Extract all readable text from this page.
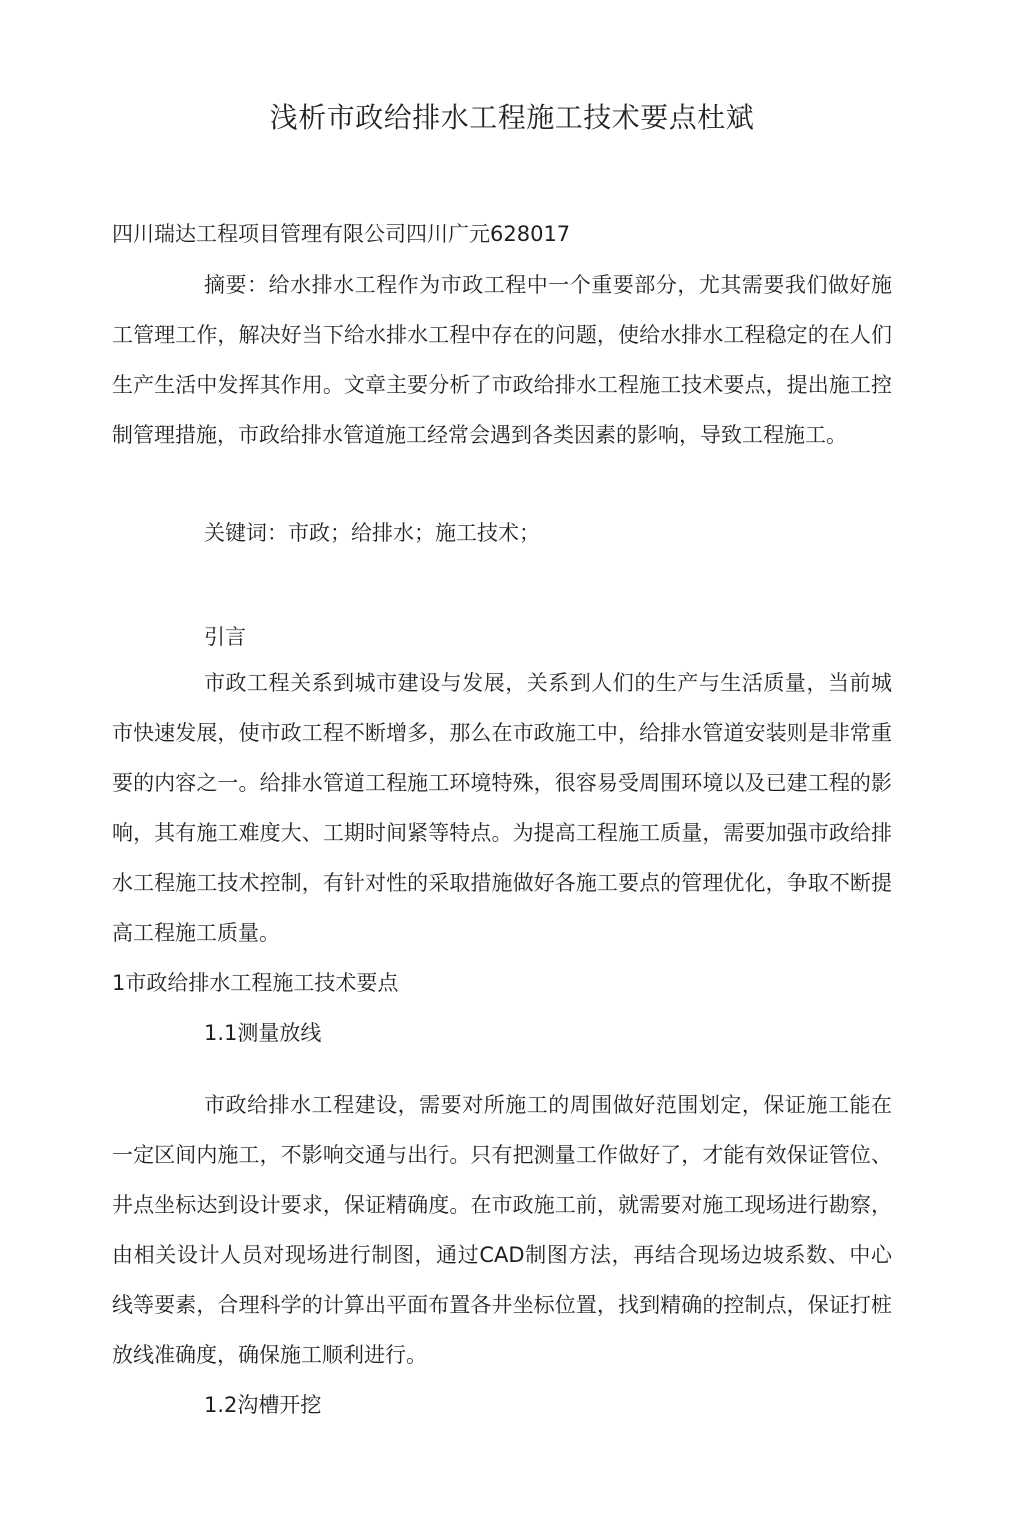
浅析市政给排水工程施工技术要点杜斌
四川瑞达工程项目管理有限公司四川广元628017
摘要：给水排水工程作为市政工程中一个重要部分，尤其需要我们做好施工管理工作，解决好当下给水排水工程中存在的问题，使给水排水工程稳定的在人们生产生活中发挥其作用。文章主要分析了市政给排水工程施工技术要点，提出施工控制管理措施，市政给排水管道施工经常会遇到各类因素的影响，导致工程施工。
关键词：市政；给排水；施工技术；
引言
市政工程关系到城市建设与发展，关系到人们的生产与生活质量，当前城市快速发展，使市政工程不断增多，那么在市政施工中，给排水管道安装则是非常重要的内容之一。给排水管道工程施工环境特殊，很容易受周围环境以及已建工程的影响，其有施工难度大、工期时间紧等特点。为提高工程施工质量，需要加强市政给排水工程施工技术控制，有针对性的采取措施做好各施工要点的管理优化，争取不断提高工程施工质量。
1市政给排水工程施工技术要点
1.1测量放线
市政给排水工程建设，需要对所施工的周围做好范围划定，保证施工能在一定区间内施工，不影响交通与出行。只有把测量工作做好了，才能有效保证管位、井点坐标达到设计要求，保证精确度。在市政施工前，就需要对施工现场进行勘察，由相关设计人员对现场进行制图，通过CAD制图方法，再结合现场边坡系数、中心线等要素，合理科学的计算出平面布置各井坐标位置，找到精确的控制点，保证打桩放线准确度，确保施工顺利进行。
1.2沟槽开挖
